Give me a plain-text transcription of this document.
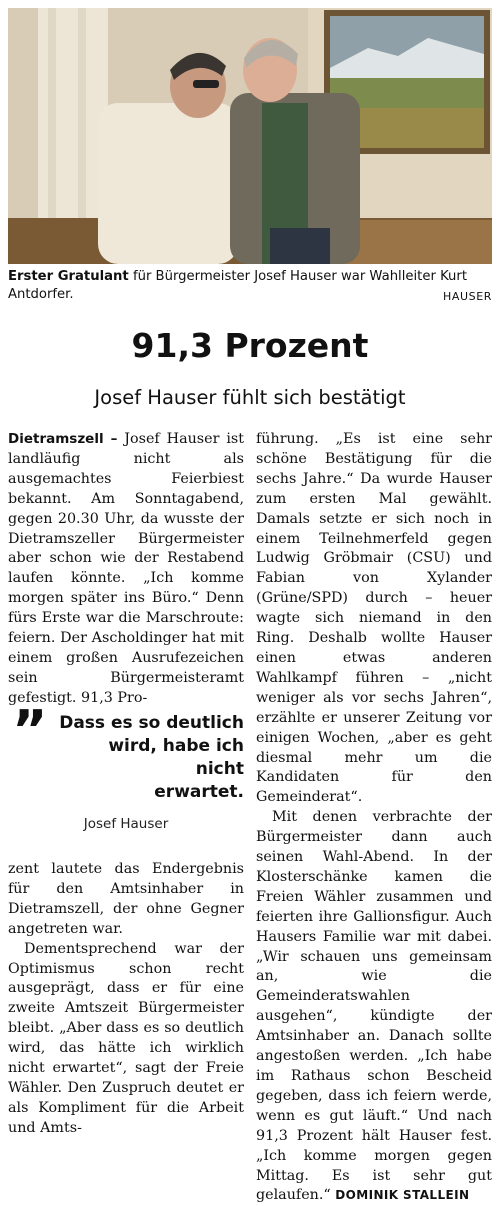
Erster Gratulant für Bürgermeister Josef Hauser war Wahlleiter Kurt Antdorfer.	HAUSER
91,3 Prozent
Josef Hauser fühlt sich bestätigt

Dietramszell – Josef Hauser ist landläufig nicht als ausgemachtes Feierbiest bekannt. Am Sonntagabend, gegen 20.30 Uhr, da wusste der Dietramszeller Bürgermeister aber schon wie der Restabend laufen könnte. „Ich komme morgen später ins Büro.“ Denn fürs Erste war die Marschroute: feiern. Der Ascholdinger hat mit einem großen Ausrufezeichen sein Bürgermeisteramt gefestigt. 91,3 Pro-

” Dass es so deutlich
wird, habe ich nicht
erwartet.

Josef Hauser

zent lautete das Endergebnis für den Amtsinhaber in Dietramszell, der ohne Gegner angetreten war.

Dementsprechend war der Optimismus schon recht ausgeprägt, dass er für eine zweite Amtszeit Bürgermeister bleibt. „Aber dass es so deutlich wird, das hätte ich wirklich nicht erwartet“, sagt der Freie Wähler. Den Zuspruch deutet er als Kompliment für die Arbeit und Amts-

führung. „Es ist eine sehr schöne Bestätigung für die sechs Jahre.“ Da wurde Hauser zum ersten Mal gewählt. Damals setzte er sich noch in einem Teilnehmerfeld gegen Ludwig Gröbmair (CSU) und Fabian von Xylander (Grüne/SPD) durch – heuer wagte sich niemand in den Ring. Deshalb wollte Hauser einen etwas anderen Wahlkampf führen – „nicht weniger als vor sechs Jahren“, erzählte er unserer Zeitung vor einigen Wochen, „aber es geht diesmal mehr um die Kandidaten für den Gemeinderat“.

Mit denen verbrachte der Bürgermeister dann auch seinen Wahl-Abend. In der Klosterschänke kamen die Freien Wähler zusammen und feierten ihre Gallionsfigur. Auch Hausers Familie war mit dabei. „Wir schauen uns gemeinsam an, wie die Gemeinderatswahlen ausgehen“, kündigte der Amtsinhaber an. Danach sollte angestoßen werden. „Ich habe im Rathaus schon Bescheid gegeben, dass ich feiern werde, wenn es gut läuft.“ Und nach 91,3 Prozent hält Hauser fest. „Ich komme morgen gegen Mittag. Es ist sehr gut gelaufen.“ DOMINIK STALLEIN
